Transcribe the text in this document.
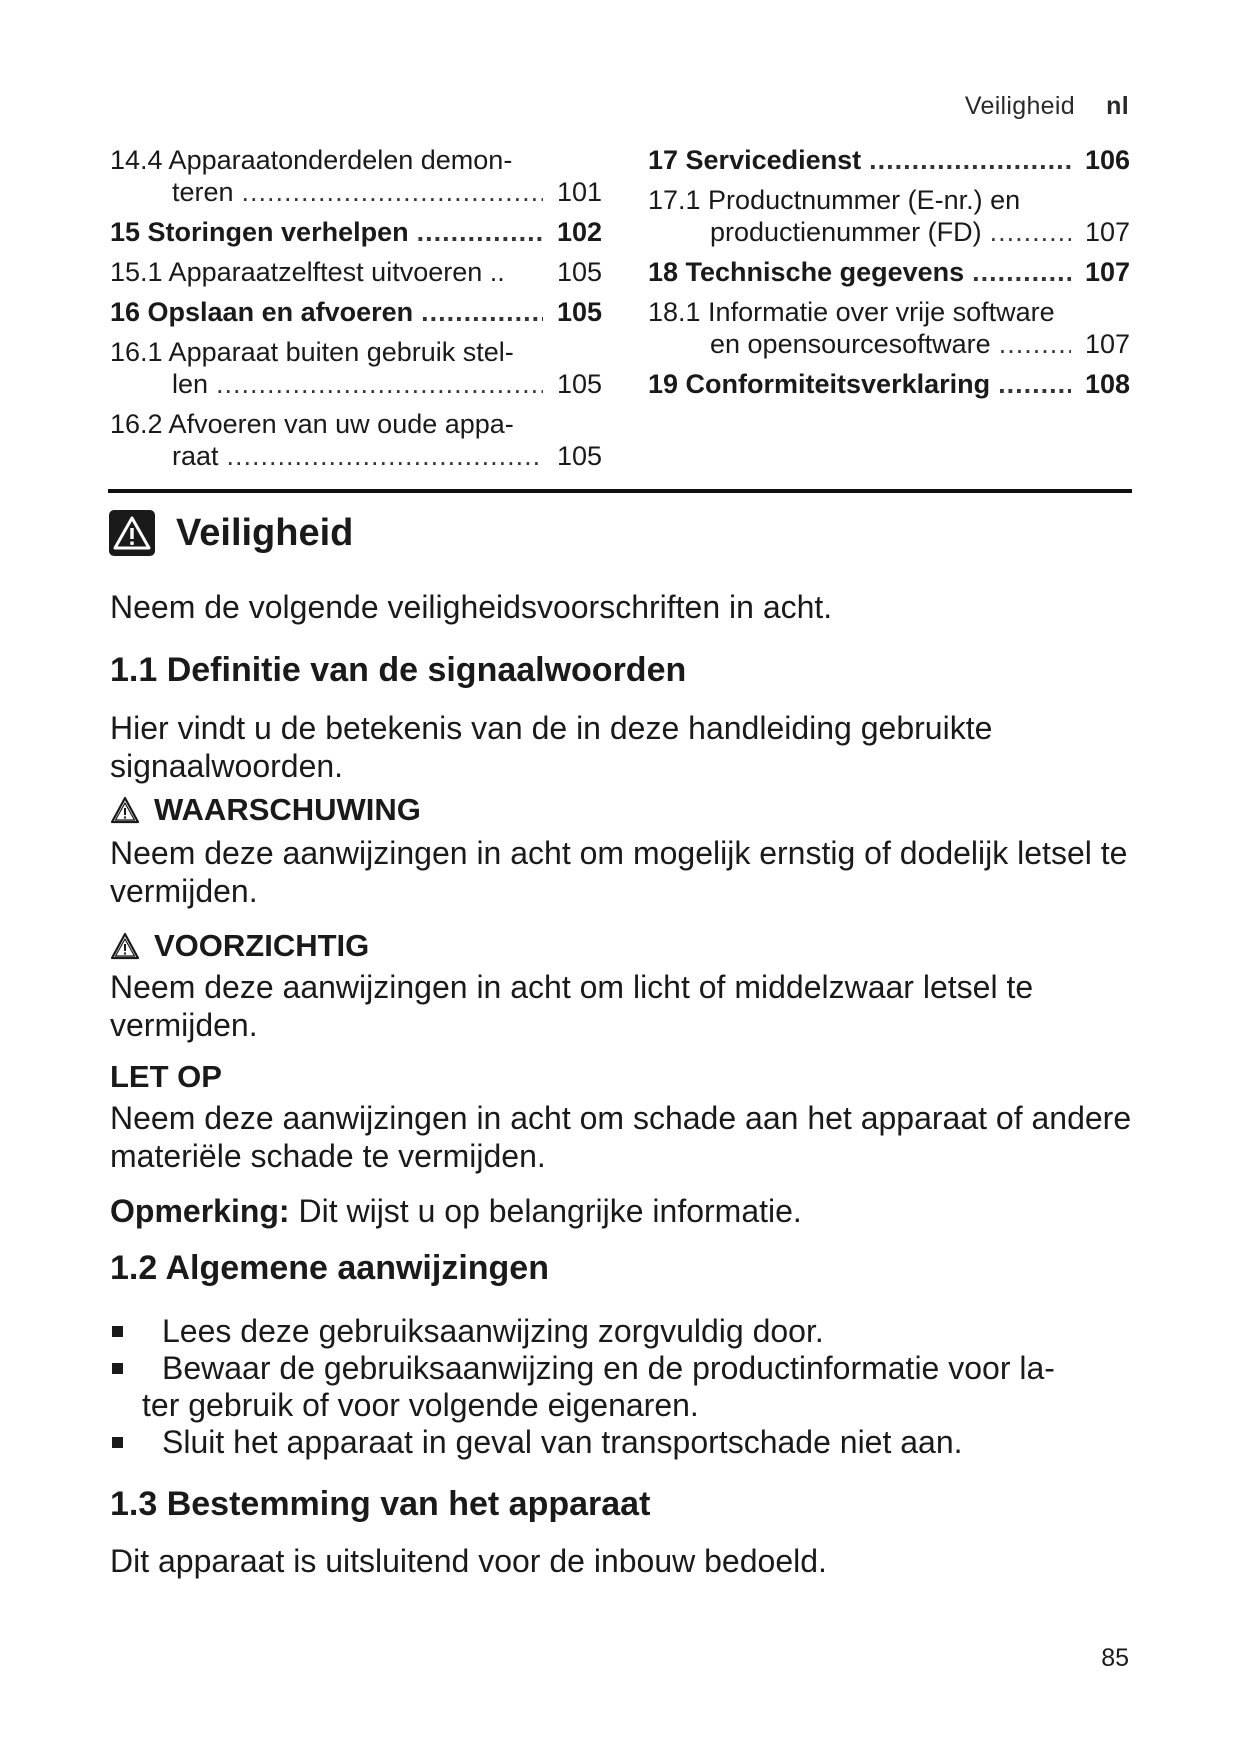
Veiligheid nl
14.4 Apparaatonderdelen demon-
teren .....	101
15 Storingen verhelpen .....	102
15.1 Apparaatzelftest uitvoeren .. 105
16 Opslaan en afvoeren .....	105
16.1 Apparaat buiten gebruik stel-
len .....	105
16.2 Afvoeren van uw oude appa-
raat .....	105
17 Servicedienst .....	106
17.1 Productnummer (E-nr.) en
productienummer (FD) .....	107
18 Technische gegevens .....	107
18.1 Informatie over vrije software
en opensourcesoftware .....	107
19 Conformiteitsverklaring .....	108
Veiligheid
Neem de volgende veiligheidsvoorschriften in acht.
1.1 Definitie van de signaalwoorden
Hier vindt u de betekenis van de in deze handleiding gebruikte signaalwoorden.
WAARSCHUWING
Neem deze aanwijzingen in acht om mogelijk ernstig of dodelijk letsel te vermijden.
VOORZICHTIG
Neem deze aanwijzingen in acht om licht of middelzwaar letsel te vermijden.
LET OP
Neem deze aanwijzingen in acht om schade aan het apparaat of andere materiële schade te vermijden.
Opmerking: Dit wijst u op belangrijke informatie.
1.2 Algemene aanwijzingen
Lees deze gebruiksaanwijzing zorgvuldig door.
Bewaar de gebruiksaanwijzing en de productinformatie voor la-
ter gebruik of voor volgende eigenaren.
Sluit het apparaat in geval van transportschade niet aan.
1.3 Bestemming van het apparaat
Dit apparaat is uitsluitend voor de inbouw bedoeld.
85
